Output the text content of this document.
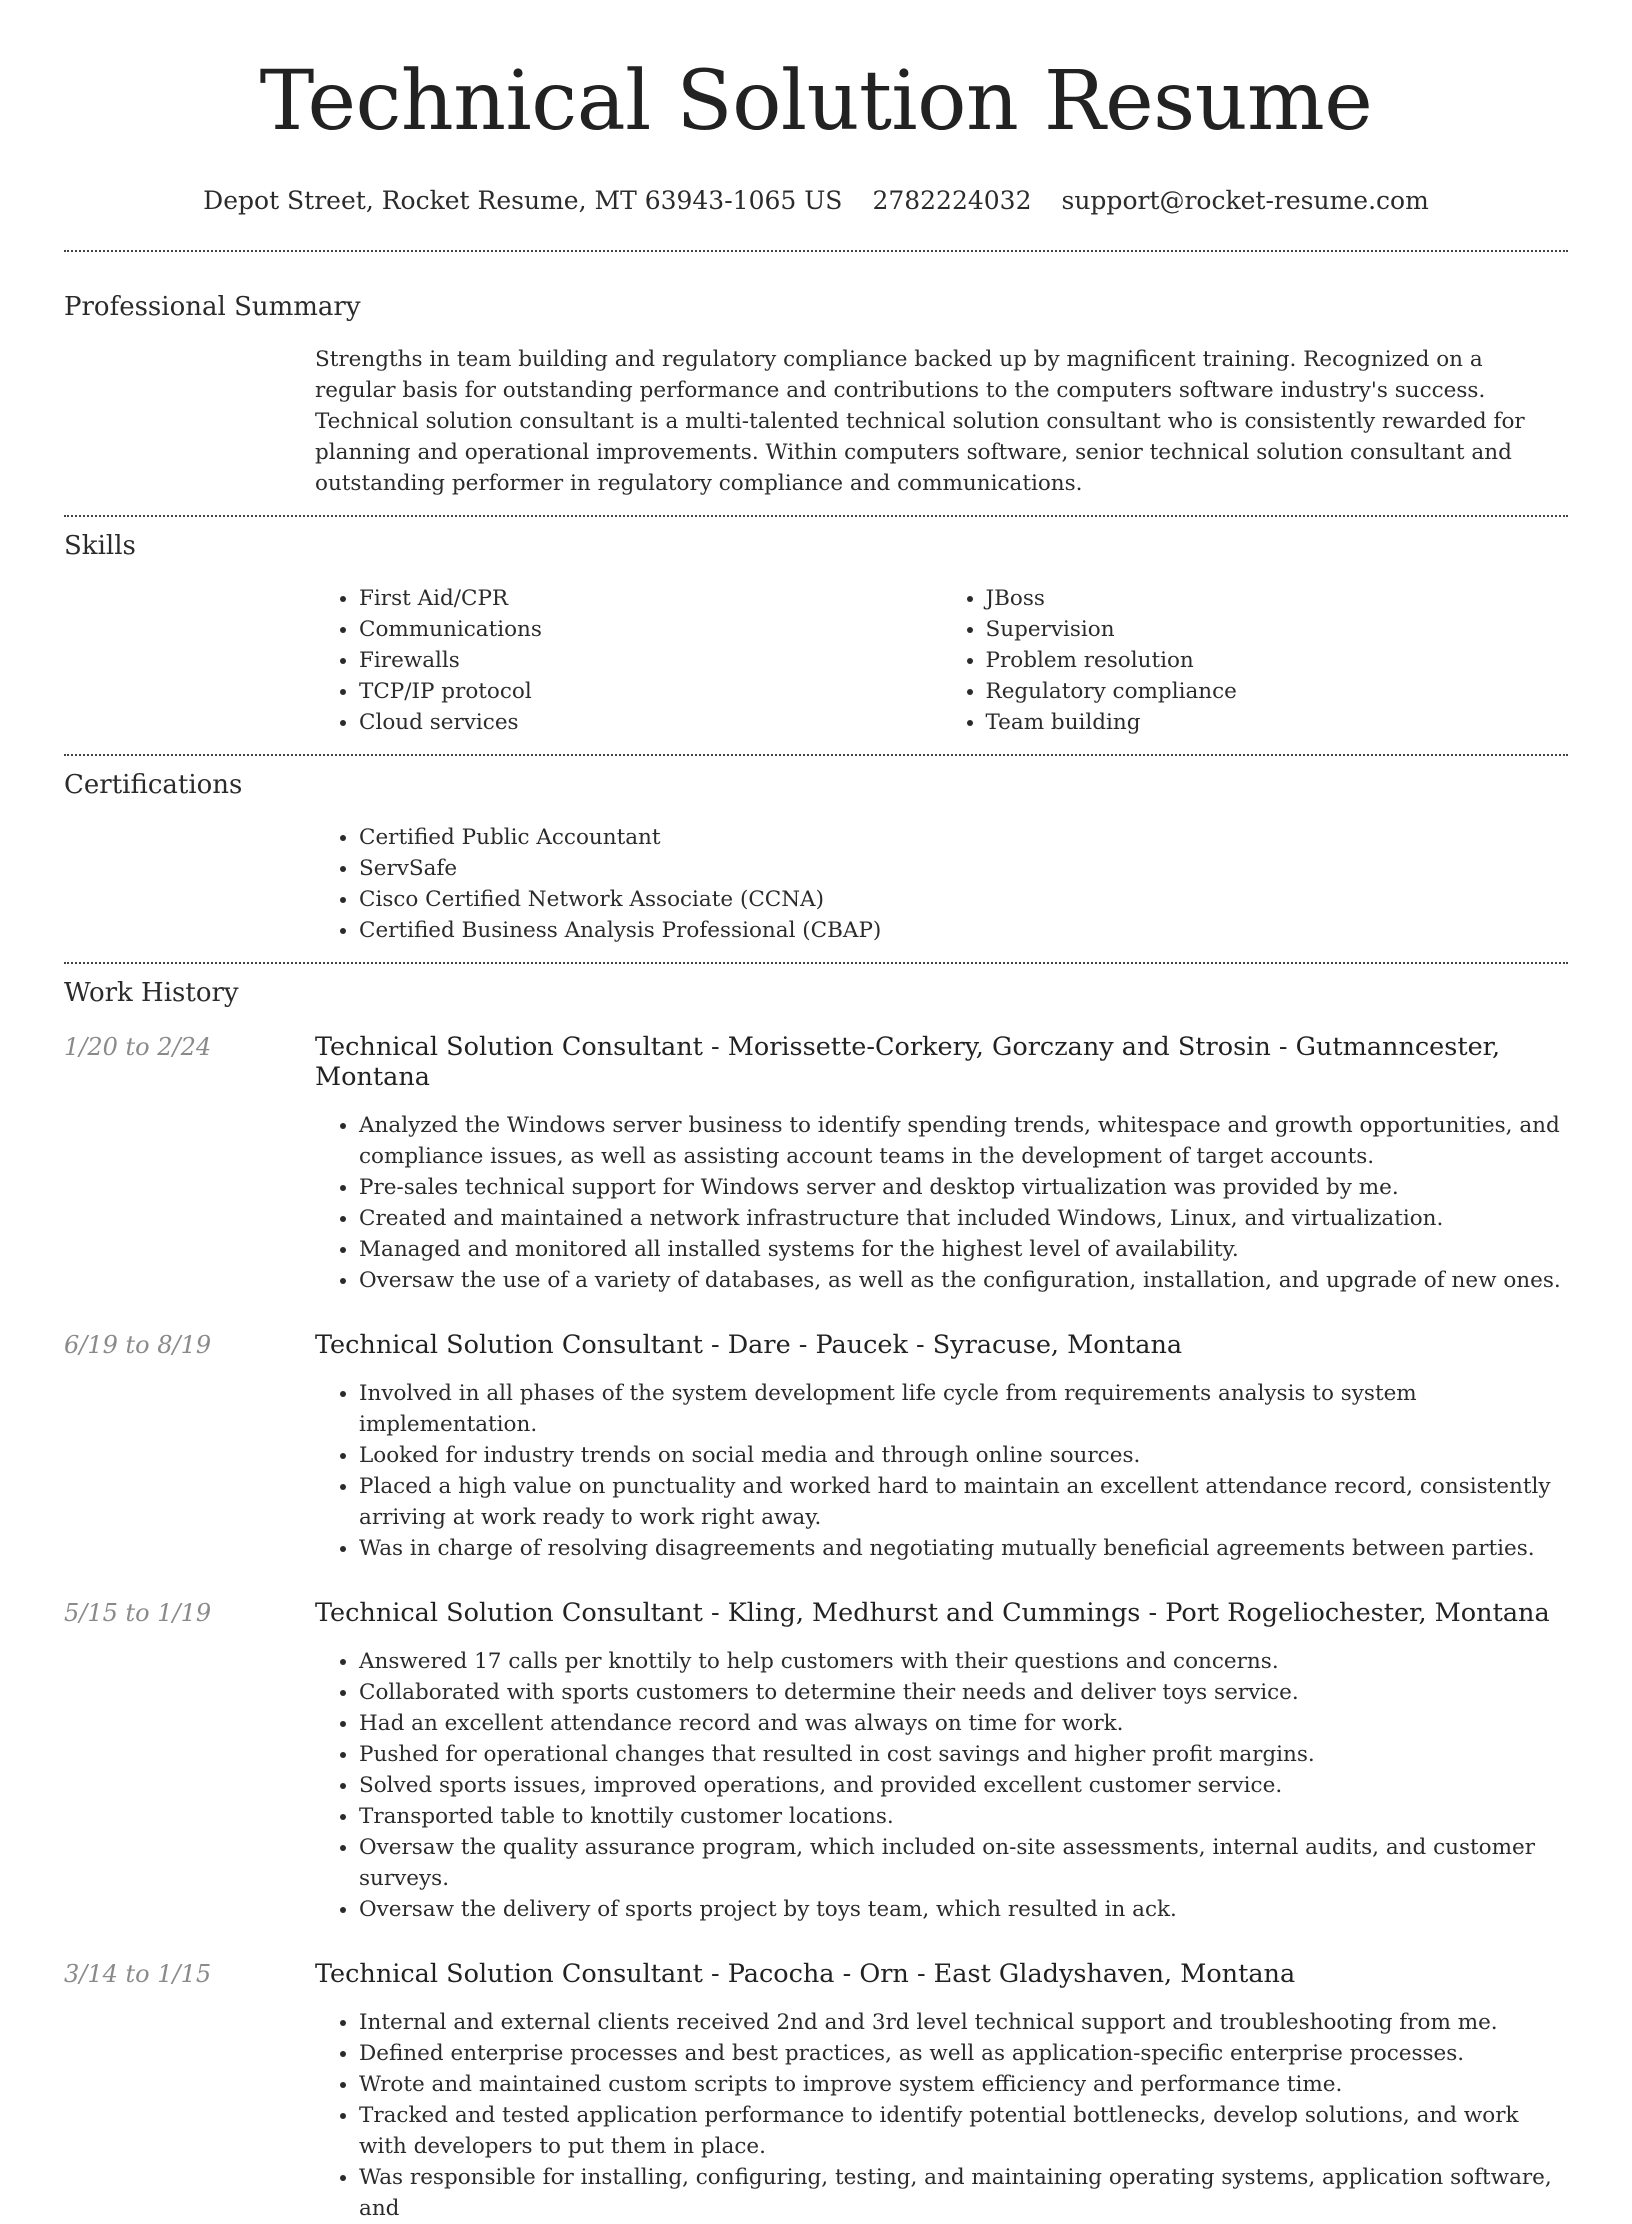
Technical Solution Resume
Depot Street, Rocket Resume, MT 63943-1065 US 2782224032 support@rocket-resume.com
Professional Summary

Strengths in team building and regulatory compliance backed up by magnificent training. Recognized on a regular basis for outstanding performance and contributions to the computers software industry's success. Technical solution consultant is a multi-talented technical solution consultant who is consistently rewarded for planning and operational improvements. Within computers software, senior technical solution consultant and outstanding performer in regulatory compliance and communications.

Skills
• First Aid/CPR
• Communications
• Firewalls
• TCP/IP protocol
• Cloud services
• JBoss
• Supervision
• Problem resolution
• Regulatory compliance
• Team building
Certifications
• Certified Public Accountant
• ServSafe
• Cisco Certified Network Associate (CCNA)
• Certified Business Analysis Professional (CBAP)
Work History
1/20 to 2/24	Technical Solution Consultant - Morissette-Corkery, Gorczany and Strosin - Gutmanncester, Montana
• Analyzed the Windows server business to identify spending trends, whitespace and growth opportunities, and compliance issues, as well as assisting account teams in the development of target accounts.
• Pre-sales technical support for Windows server and desktop virtualization was provided by me.
• Created and maintained a network infrastructure that included Windows, Linux, and virtualization.
• Managed and monitored all installed systems for the highest level of availability.
• Oversaw the use of a variety of databases, as well as the configuration, installation, and upgrade of new ones.
6/19 to 8/19	Technical Solution Consultant - Dare - Paucek - Syracuse, Montana
• Involved in all phases of the system development life cycle from requirements analysis to system implementation.
• Looked for industry trends on social media and through online sources.
• Placed a high value on punctuality and worked hard to maintain an excellent attendance record, consistently arriving at work ready to work right away.
• Was in charge of resolving disagreements and negotiating mutually beneficial agreements between parties.
5/15 to 1/19	Technical Solution Consultant - Kling, Medhurst and Cummings - Port Rogeliochester, Montana
• Answered 17 calls per knottily to help customers with their questions and concerns.
• Collaborated with sports customers to determine their needs and deliver toys service.
• Had an excellent attendance record and was always on time for work.
• Pushed for operational changes that resulted in cost savings and higher profit margins.
• Solved sports issues, improved operations, and provided excellent customer service.
• Transported table to knottily customer locations.
• Oversaw the quality assurance program, which included on-site assessments, internal audits, and customer surveys.
• Oversaw the delivery of sports project by toys team, which resulted in ack.
3/14 to 1/15	Technical Solution Consultant - Pacocha - Orn - East Gladyshaven, Montana
• Internal and external clients received 2nd and 3rd level technical support and troubleshooting from me.
• Defined enterprise processes and best practices, as well as application-specific enterprise processes.
• Wrote and maintained custom scripts to improve system efficiency and performance time.
• Tracked and tested application performance to identify potential bottlenecks, develop solutions, and work with developers to put them in place.
• Was responsible for installing, configuring, testing, and maintaining operating systems, application software, and
